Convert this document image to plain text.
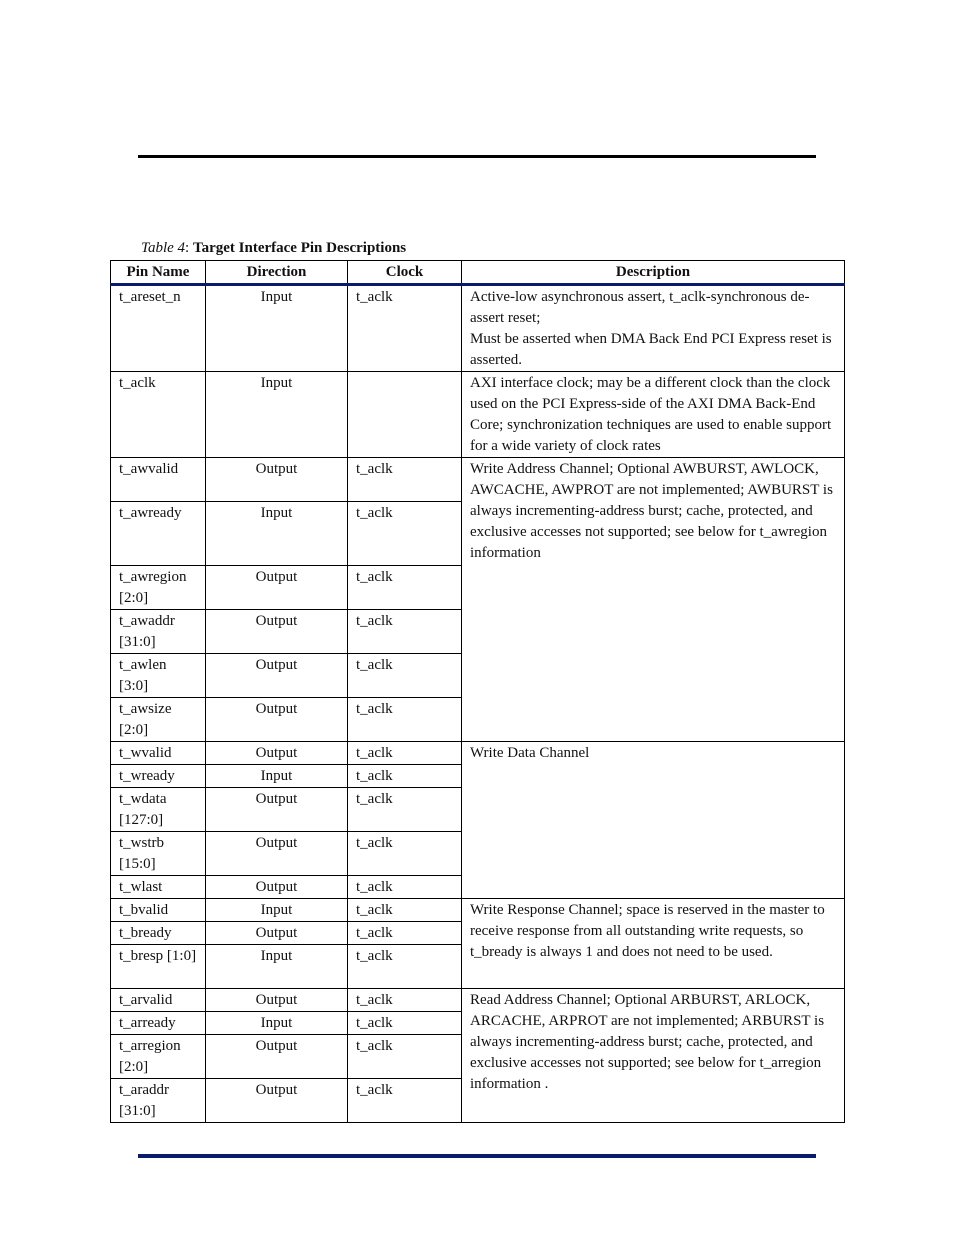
Table 4: Target Interface Pin Descriptions
Pin Name	Direction	Clock	Description
t_areset_n	Input	t_aclk	Active-low asynchronous assert, t_aclk-synchronous de-assert reset;
Must be asserted when DMA Back End PCI Express reset is asserted.
t_aclk	Input		AXI interface clock; may be a different clock than the clock used on the PCI Express-side of the AXI DMA Back-End Core; synchronization techniques are used to enable support for a wide variety of clock rates
t_awvalid	Output	t_aclk	Write Address Channel; Optional AWBURST, AWLOCK, AWCACHE, AWPROT are not implemented; AWBURST is always incrementing-address burst; cache, protected, and exclusive accesses not supported; see below for t_awregion information
t_awready	Input	t_aclk	
t_awregion [2:0]	Output	t_aclk	
t_awaddr [31:0]	Output	t_aclk	
t_awlen [3:0]	Output	t_aclk	
t_awsize [2:0]	Output	t_aclk	
t_wvalid	Output	t_aclk	Write Data Channel
t_wready	Input	t_aclk	
t_wdata [127:0]	Output	t_aclk	
t_wstrb [15:0]	Output	t_aclk	
t_wlast	Output	t_aclk	
t_bvalid	Input	t_aclk	Write Response Channel; space is reserved in the master to receive response from all outstanding write requests, so t_bready is always 1 and does not need to be used.
t_bready	Output	t_aclk	
t_bresp [1:0]	Input	t_aclk	
t_arvalid	Output	t_aclk	Read Address Channel; Optional ARBURST, ARLOCK, ARCACHE, ARPROT are not implemented; ARBURST is always incrementing-address burst; cache, protected, and exclusive accesses not supported; see below for t_arregion information .
t_arready	Input	t_aclk	
t_arregion [2:0]	Output	t_aclk	
t_araddr [31:0]	Output	t_aclk	
